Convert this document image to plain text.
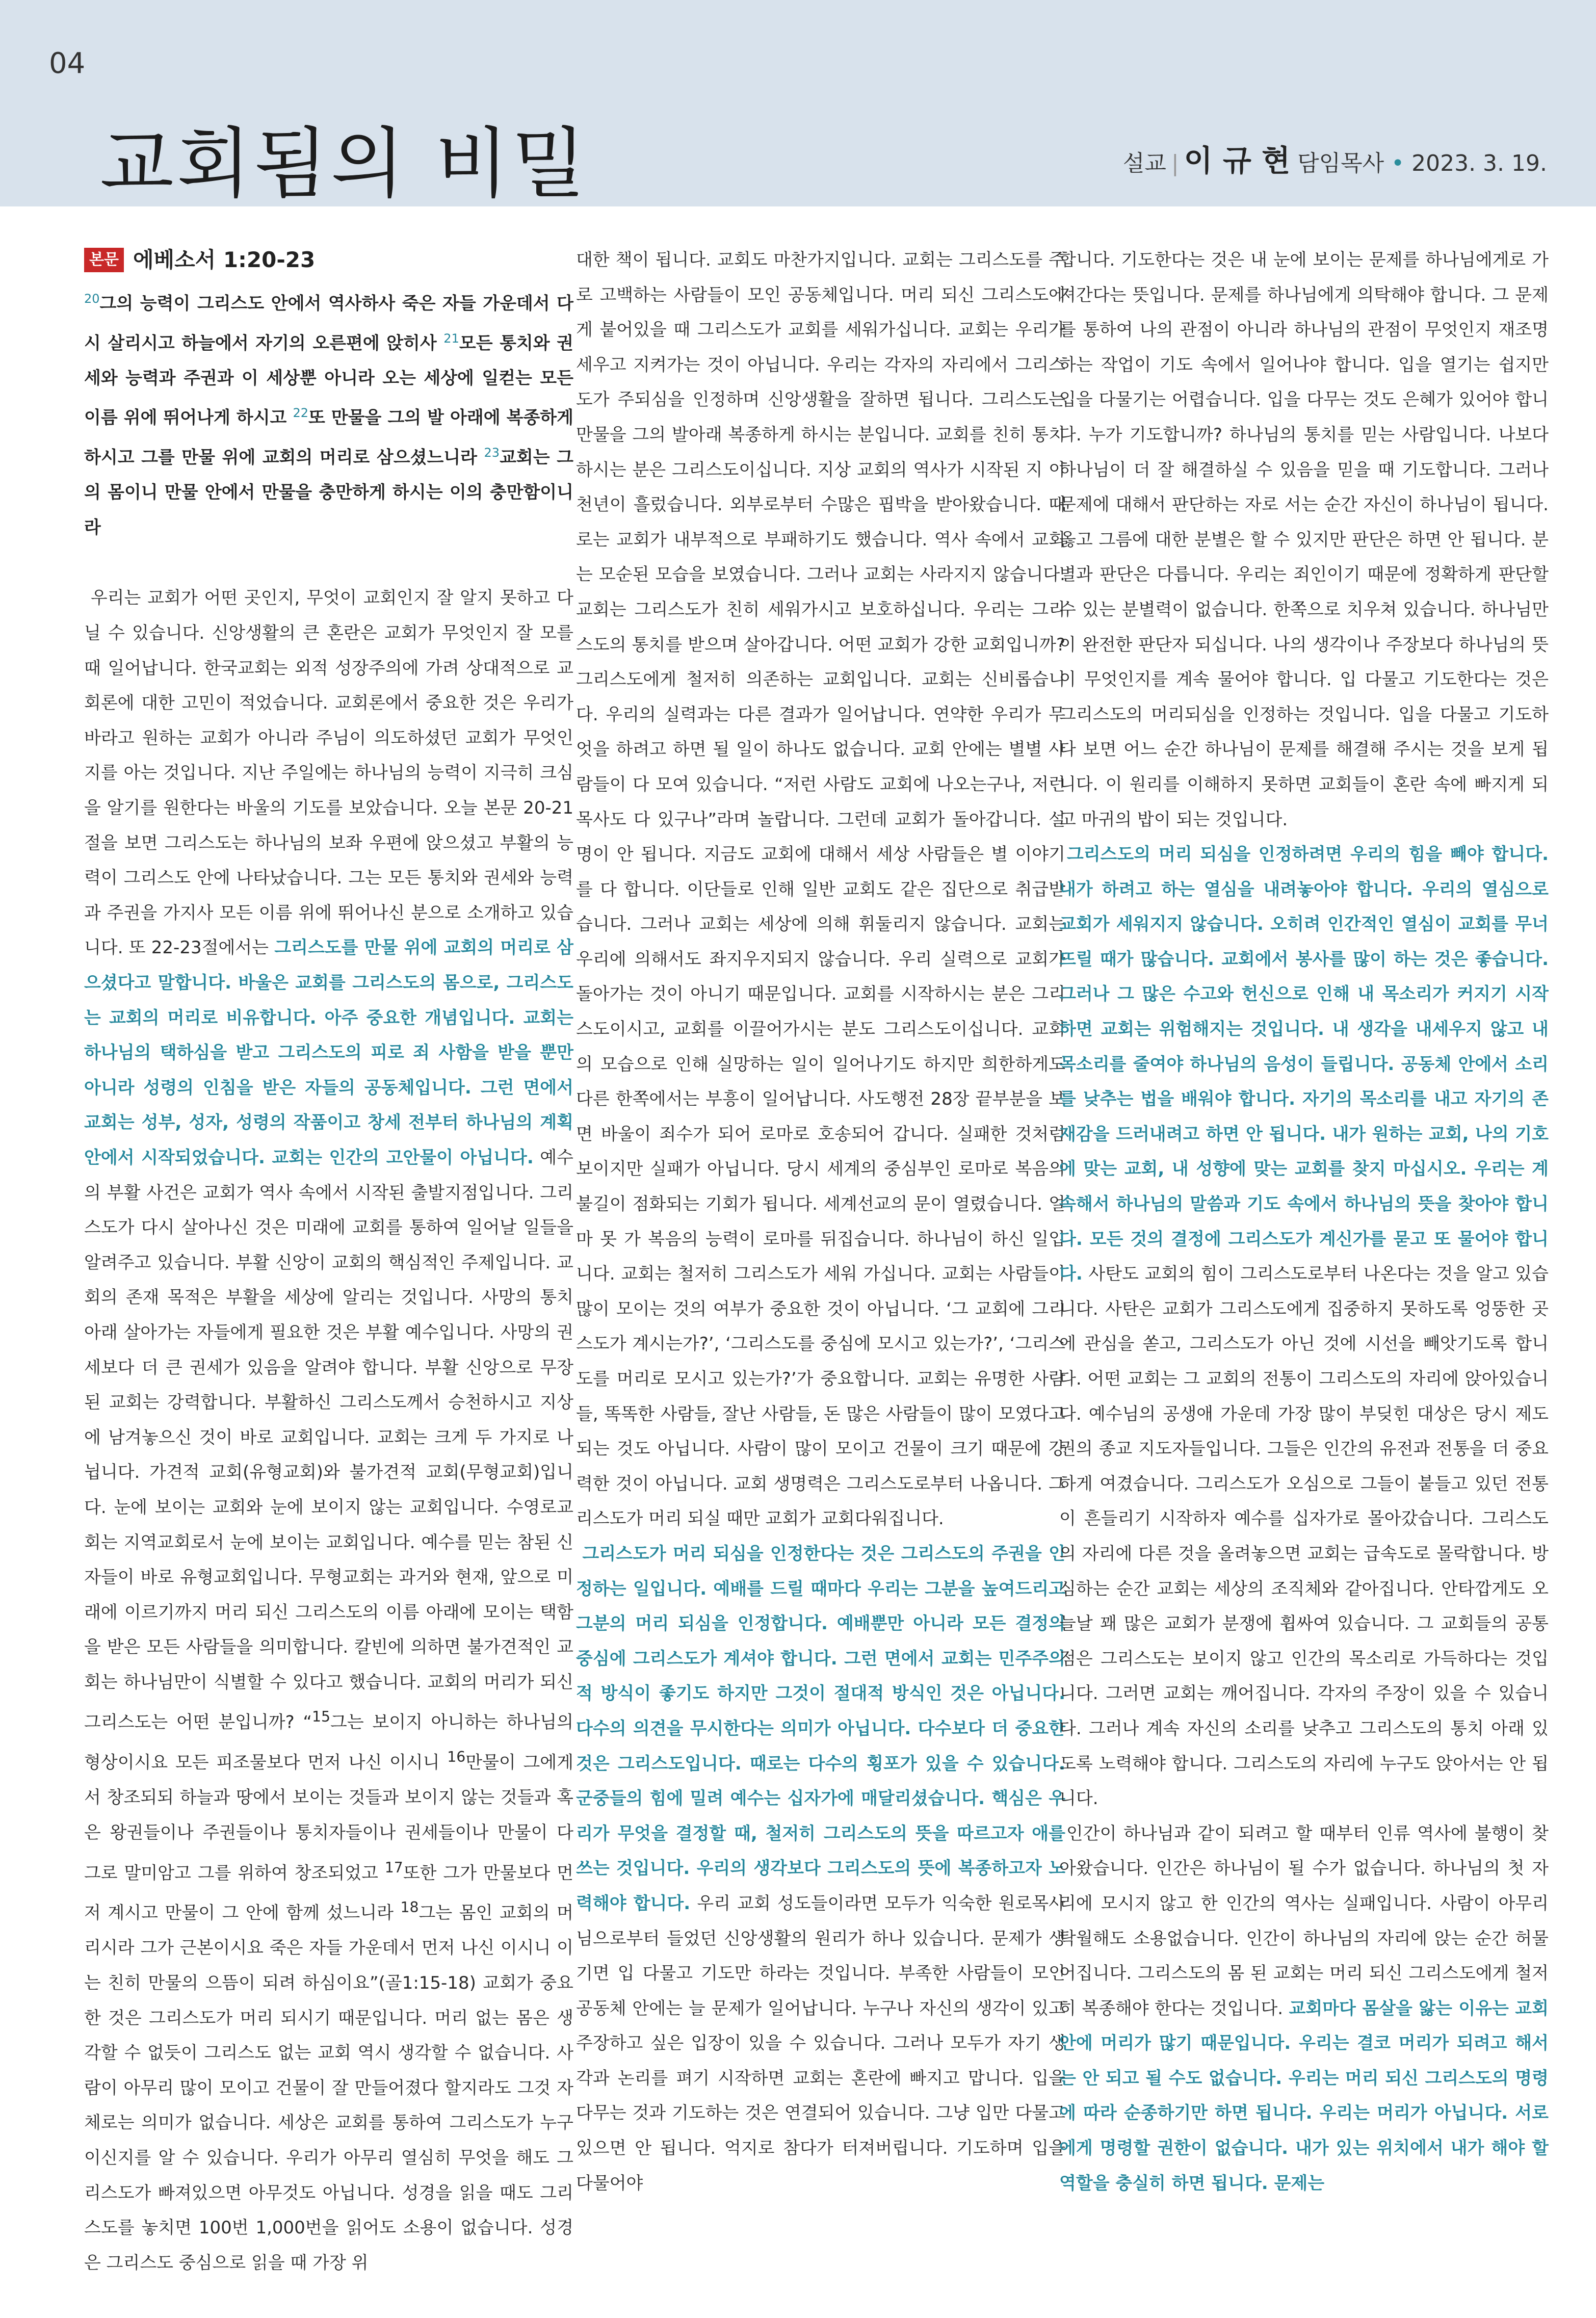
04
교회됨의 비밀	설교 | 이 규 현 담임목사 • 2023. 3. 19.
본문 에베소서 1:20-23

$^{20}$그의 능력이 그리스도 안에서 역사하사 죽은 자들 가운데서 다시 살리시고 하늘에서 자기의 오른편에 앉히사 $^{21}$모든 통치와 권세와 능력과 주권과 이 세상뿐 아니라 오는 세상에 일컫는 모든 이름 위에 뛰어나게 하시고 $^{22}$또 만물을 그의 발 아래에 복종하게 하시고 그를 만물 위에 교회의 머리로 삼으셨느니라 $^{23}$교회는 그의 몸이니 만물 안에서 만물을 충만하게 하시는 이의 충만함이니라

우리는 교회가 어떤 곳인지, 무엇이 교회인지 잘 알지 못하고 다닐 수 있습니다. 신앙생활의 큰 혼란은 교회가 무엇인지 잘 모를 때 일어납니다. 한국교회는 외적 성장주의에 가려 상대적으로 교회론에 대한 고민이 적었습니다. 교회론에서 중요한 것은 우리가 바라고 원하는 교회가 아니라 주님이 의도하셨던 교회가 무엇인지를 아는 것입니다. 지난 주일에는 하나님의 능력이 지극히 크심을 알기를 원한다는 바울의 기도를 보았습니다. 오늘 본문 20-21절을 보면 그리스도는 하나님의 보좌 우편에 앉으셨고 부활의 능력이 그리스도 안에 나타났습니다. 그는 모든 통치와 권세와 능력과 주권을 가지사 모든 이름 위에 뛰어나신 분으로 소개하고 있습니다. 또 22-23절에서는 그리스도를 만물 위에 교회의 머리로 삼으셨다고 말합니다. 바울은 교회를 그리스도의 몸으로, 그리스도는 교회의 머리로 비유합니다. 아주 중요한 개념입니다. 교회는 하나님의 택하심을 받고 그리스도의 피로 죄 사함을 받을 뿐만 아니라 성령의 인침을 받은 자들의 공동체입니다. 그런 면에서 교회는 성부, 성자, 성령의 작품이고 창세 전부터 하나님의 계획안에서 시작되었습니다. 교회는 인간의 고안물이 아닙니다. 예수의 부활 사건은 교회가 역사 속에서 시작된 출발지점입니다. 그리스도가 다시 살아나신 것은 미래에 교회를 통하여 일어날 일들을 알려주고 있습니다. 부활 신앙이 교회의 핵심적인 주제입니다. 교회의 존재 목적은 부활을 세상에 알리는 것입니다. 사망의 통치 아래 살아가는 자들에게 필요한 것은 부활 예수입니다. 사망의 권세보다 더 큰 권세가 있음을 알려야 합니다. 부활 신앙으로 무장된 교회는 강력합니다. 부활하신 그리스도께서 승천하시고 지상에 남겨놓으신 것이 바로 교회입니다. 교회는 크게 두 가지로 나뉩니다. 가견적 교회(유형교회)와 불가견적 교회(무형교회)입니다. 눈에 보이는 교회와 눈에 보이지 않는 교회입니다. 수영로교회는 지역교회로서 눈에 보이는 교회입니다. 예수를 믿는 참된 신자들이 바로 유형교회입니다. 무형교회는 과거와 현재, 앞으로 미래에 이르기까지 머리 되신 그리스도의 이름 아래에 모이는 택함을 받은 모든 사람들을 의미합니다. 칼빈에 의하면 불가견적인 교회는 하나님만이 식별할 수 있다고 했습니다. 교회의 머리가 되신 그리스도는 어떤 분입니까? “$^{15}$그는 보이지 아니하는 하나님의 형상이시요 모든 피조물보다 먼저 나신 이시니 $^{16}$만물이 그에게서 창조되되 하늘과 땅에서 보이는 것들과 보이지 않는 것들과 혹은 왕권들이나 주권들이나 통치자들이나 권세들이나 만물이 다 그로 말미암고 그를 위하여 창조되었고 $^{17}$또한 그가 만물보다 먼저 계시고 만물이 그 안에 함께 섰느니라 $^{18}$그는 몸인 교회의 머리시라 그가 근본이시요 죽은 자들 가운데서 먼저 나신 이시니 이는 친히 만물의 으뜸이 되려 하심이요”(골1:15-18) 교회가 중요한 것은 그리스도가 머리 되시기 때문입니다. 머리 없는 몸은 생각할 수 없듯이 그리스도 없는 교회 역시 생각할 수 없습니다. 사람이 아무리 많이 모이고 건물이 잘 만들어졌다 할지라도 그것 자체로는 의미가 없습니다. 세상은 교회를 통하여 그리스도가 누구이신지를 알 수 있습니다. 우리가 아무리 열심히 무엇을 해도 그리스도가 빠져있으면 아무것도 아닙니다. 성경을 읽을 때도 그리스도를 놓치면 100번 1,000번을 읽어도 소용이 없습니다. 성경은 그리스도 중심으로 읽을 때 가장 위

대한 책이 됩니다. 교회도 마찬가지입니다. 교회는 그리스도를 주로 고백하는 사람들이 모인 공동체입니다. 머리 되신 그리스도에게 붙어있을 때 그리스도가 교회를 세워가십니다. 교회는 우리가 세우고 지켜가는 것이 아닙니다. 우리는 각자의 자리에서 그리스도가 주되심을 인정하며 신앙생활을 잘하면 됩니다. 그리스도는 만물을 그의 발아래 복종하게 하시는 분입니다. 교회를 친히 통치하시는 분은 그리스도이십니다. 지상 교회의 역사가 시작된 지 이천년이 흘렀습니다. 외부로부터 수많은 핍박을 받아왔습니다. 때로는 교회가 내부적으로 부패하기도 했습니다. 역사 속에서 교회는 모순된 모습을 보였습니다. 그러나 교회는 사라지지 않습니다. 교회는 그리스도가 친히 세워가시고 보호하십니다. 우리는 그리스도의 통치를 받으며 살아갑니다. 어떤 교회가 강한 교회입니까? 그리스도에게 철저히 의존하는 교회입니다. 교회는 신비롭습니다. 우리의 실력과는 다른 결과가 일어납니다. 연약한 우리가 무엇을 하려고 하면 될 일이 하나도 없습니다. 교회 안에는 별별 사람들이 다 모여 있습니다. “저런 사람도 교회에 나오는구나, 저런 목사도 다 있구나”라며 놀랍니다. 그런데 교회가 돌아갑니다. 설명이 안 됩니다. 지금도 교회에 대해서 세상 사람들은 별 이야기를 다 합니다. 이단들로 인해 일반 교회도 같은 집단으로 취급받습니다. 그러나 교회는 세상에 의해 휘둘리지 않습니다. 교회는 우리에 의해서도 좌지우지되지 않습니다. 우리 실력으로 교회가 돌아가는 것이 아니기 때문입니다. 교회를 시작하시는 분은 그리스도이시고, 교회를 이끌어가시는 분도 그리스도이십니다. 교회의 모습으로 인해 실망하는 일이 일어나기도 하지만 희한하게도 다른 한쪽에서는 부흥이 일어납니다. 사도행전 28장 끝부분을 보면 바울이 죄수가 되어 로마로 호송되어 갑니다. 실패한 것처럼 보이지만 실패가 아닙니다. 당시 세계의 중심부인 로마로 복음의 불길이 점화되는 기회가 됩니다. 세계선교의 문이 열렸습니다. 얼마 못 가 복음의 능력이 로마를 뒤집습니다. 하나님이 하신 일입니다. 교회는 철저히 그리스도가 세워 가십니다. 교회는 사람들이 많이 모이는 것의 여부가 중요한 것이 아닙니다. ‘그 교회에 그리스도가 계시는가?’, ‘그리스도를 중심에 모시고 있는가?’, ‘그리스도를 머리로 모시고 있는가?’가 중요합니다. 교회는 유명한 사람들, 똑똑한 사람들, 잘난 사람들, 돈 많은 사람들이 많이 모였다고 되는 것도 아닙니다. 사람이 많이 모이고 건물이 크기 때문에 강력한 것이 아닙니다. 교회 생명력은 그리스도로부터 나옵니다. 그리스도가 머리 되실 때만 교회가 교회다워집니다.

그리스도가 머리 되심을 인정한다는 것은 그리스도의 주권을 인정하는 일입니다. 예배를 드릴 때마다 우리는 그분을 높여드리고 그분의 머리 되심을 인정합니다. 예배뿐만 아니라 모든 결정의 중심에 그리스도가 계셔야 합니다. 그런 면에서 교회는 민주주의적 방식이 좋기도 하지만 그것이 절대적 방식인 것은 아닙니다. 다수의 의견을 무시한다는 의미가 아닙니다. 다수보다 더 중요한 것은 그리스도입니다. 때로는 다수의 횡포가 있을 수 있습니다. 군중들의 힘에 밀려 예수는 십자가에 매달리셨습니다. 핵심은 우리가 무엇을 결정할 때, 철저히 그리스도의 뜻을 따르고자 애를 쓰는 것입니다. 우리의 생각보다 그리스도의 뜻에 복종하고자 노력해야 합니다. 우리 교회 성도들이라면 모두가 익숙한 원로목사님으로부터 들었던 신앙생활의 원리가 하나 있습니다. 문제가 생기면 입 다물고 기도만 하라는 것입니다. 부족한 사람들이 모인 공동체 안에는 늘 문제가 일어납니다. 누구나 자신의 생각이 있고 주장하고 싶은 입장이 있을 수 있습니다. 그러나 모두가 자기 생각과 논리를 펴기 시작하면 교회는 혼란에 빠지고 맙니다. 입을 다무는 것과 기도하는 것은 연결되어 있습니다. 그냥 입만 다물고 있으면 안 됩니다. 억지로 참다가 터져버립니다. 기도하며 입을 다물어야

합니다. 기도한다는 것은 내 눈에 보이는 문제를 하나님에게로 가져간다는 뜻입니다. 문제를 하나님에게 의탁해야 합니다. 그 문제를 통하여 나의 관점이 아니라 하나님의 관점이 무엇인지 재조명하는 작업이 기도 속에서 일어나야 합니다. 입을 열기는 쉽지만 입을 다물기는 어렵습니다. 입을 다무는 것도 은혜가 있어야 합니다. 누가 기도합니까? 하나님의 통치를 믿는 사람입니다. 나보다 하나님이 더 잘 해결하실 수 있음을 믿을 때 기도합니다. 그러나 문제에 대해서 판단하는 자로 서는 순간 자신이 하나님이 됩니다. 옳고 그름에 대한 분별은 할 수 있지만 판단은 하면 안 됩니다. 분별과 판단은 다릅니다. 우리는 죄인이기 때문에 정확하게 판단할 수 있는 분별력이 없습니다. 한쪽으로 치우쳐 있습니다. 하나님만이 완전한 판단자 되십니다. 나의 생각이나 주장보다 하나님의 뜻이 무엇인지를 계속 물어야 합니다. 입 다물고 기도한다는 것은 그리스도의 머리되심을 인정하는 것입니다. 입을 다물고 기도하다 보면 어느 순간 하나님이 문제를 해결해 주시는 것을 보게 됩니다. 이 원리를 이해하지 못하면 교회들이 혼란 속에 빠지게 되고 마귀의 밥이 되는 것입니다.

그리스도의 머리 되심을 인정하려면 우리의 힘을 빼야 합니다. 내가 하려고 하는 열심을 내려놓아야 합니다. 우리의 열심으로 교회가 세워지지 않습니다. 오히려 인간적인 열심이 교회를 무너뜨릴 때가 많습니다. 교회에서 봉사를 많이 하는 것은 좋습니다. 그러나 그 많은 수고와 헌신으로 인해 내 목소리가 커지기 시작하면 교회는 위험해지는 것입니다. 내 생각을 내세우지 않고 내 목소리를 줄여야 하나님의 음성이 들립니다. 공동체 안에서 소리를 낮추는 법을 배워야 합니다. 자기의 목소리를 내고 자기의 존재감을 드러내려고 하면 안 됩니다. 내가 원하는 교회, 나의 기호에 맞는 교회, 내 성향에 맞는 교회를 찾지 마십시오. 우리는 계속해서 하나님의 말씀과 기도 속에서 하나님의 뜻을 찾아야 합니다. 모든 것의 결정에 그리스도가 계신가를 묻고 또 물어야 합니다. 사탄도 교회의 힘이 그리스도로부터 나온다는 것을 알고 있습니다. 사탄은 교회가 그리스도에게 집중하지 못하도록 엉뚱한 곳에 관심을 쏟고, 그리스도가 아닌 것에 시선을 빼앗기도록 합니다. 어떤 교회는 그 교회의 전통이 그리스도의 자리에 앉아있습니다. 예수님의 공생애 가운데 가장 많이 부딪힌 대상은 당시 제도권의 종교 지도자들입니다. 그들은 인간의 유전과 전통을 더 중요하게 여겼습니다. 그리스도가 오심으로 그들이 붙들고 있던 전통이 흔들리기 시작하자 예수를 십자가로 몰아갔습니다. 그리스도의 자리에 다른 것을 올려놓으면 교회는 급속도로 몰락합니다. 방심하는 순간 교회는 세상의 조직체와 같아집니다. 안타깝게도 오늘날 꽤 많은 교회가 분쟁에 휩싸여 있습니다. 그 교회들의 공통점은 그리스도는 보이지 않고 인간의 목소리로 가득하다는 것입니다. 그러면 교회는 깨어집니다. 각자의 주장이 있을 수 있습니다. 그러나 계속 자신의 소리를 낮추고 그리스도의 통치 아래 있도록 노력해야 합니다. 그리스도의 자리에 누구도 앉아서는 안 됩니다.

인간이 하나님과 같이 되려고 할 때부터 인류 역사에 불행이 찾아왔습니다. 인간은 하나님이 될 수가 없습니다. 하나님의 첫 자리에 모시지 않고 한 인간의 역사는 실패입니다. 사람이 아무리 탁월해도 소용없습니다. 인간이 하나님의 자리에 앉는 순간 허물어집니다. 그리스도의 몸 된 교회는 머리 되신 그리스도에게 철저히 복종해야 한다는 것입니다. 교회마다 몸살을 앓는 이유는 교회 안에 머리가 많기 때문입니다. 우리는 결코 머리가 되려고 해서는 안 되고 될 수도 없습니다. 우리는 머리 되신 그리스도의 명령에 따라 순종하기만 하면 됩니다. 우리는 머리가 아닙니다. 서로에게 명령할 권한이 없습니다. 내가 있는 위치에서 내가 해야 할 역할을 충실히 하면 됩니다. 문제는
